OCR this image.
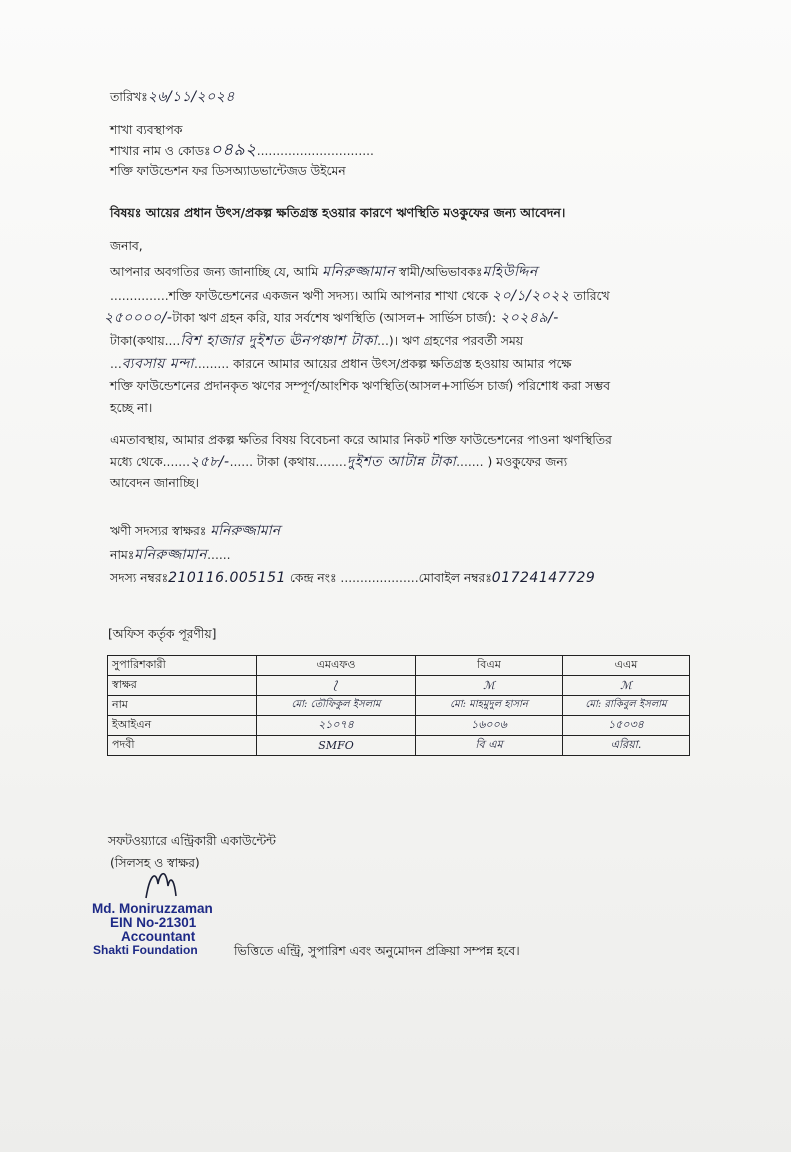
তারিখঃ২৬/১১/২০২৪
শাখা ব্যবস্থাপক
শাখার নাম ও কোডঃ০৪৯২..............................
শক্তি ফাউন্ডেশন ফর ডিসঅ্যাডভান্টেজড উইমেন
বিষয়ঃ আয়ের প্রধান উৎস/প্রকল্প ক্ষতিগ্রস্ত হওয়ার কারণে ঋণস্থিতি মওকুফের জন্য আবেদন।
জনাব,
আপনার অবগতির জন্য জানাচ্ছি যে, আমি মনিরুজ্জামান স্বামী/অভিভাবকঃমহিউদ্দিন
...............শক্তি ফাউন্ডেশনের একজন ঋণী সদস্য। আমি আপনার শাখা থেকে ২০/১/২০২২ তারিখে
২৫০০০০/-টাকা ঋণ গ্রহন করি, যার সর্বশেষ ঋণস্থিতি (আসল+ সার্ভিস চার্জ): ২০২৪৯/-
টাকা(কথায়....বিশ হাজার দুইশত ঊনপঞ্চাশ টাকা...)। ঋণ গ্রহণের পরবর্তী সময়
...ব্যবসায় মন্দা......... কারনে আমার আয়ের প্রধান উৎস/প্রকল্প ক্ষতিগ্রস্ত হওয়ায় আমার পক্ষে
শক্তি ফাউন্ডেশনের প্রদানকৃত ঋণের সম্পূর্ণ/আংশিক ঋণস্থিতি(আসল+সার্ভিস চার্জ) পরিশোধ করা সম্ভব
হচ্ছে না।
এমতাবস্থায়, আমার প্রকল্প ক্ষতির বিষয় বিবেচনা করে আমার নিকট শক্তি ফাউন্ডেশনের পাওনা ঋণস্থিতির
মধ্যে থেকে.......২৫৮/-...... টাকা (কথায়........দুইশত আটান্ন টাকা....... ) মওকুফের জন্য
আবেদন জানাচ্ছি।
ঋণী সদস্যর স্বাক্ষরঃ মনিরুজ্জামান
নামঃমনিরুজ্জামান......
সদস্য নম্বরঃ210116.005151 কেন্দ্র নংঃ ....................মোবাইল নম্বরঃ01724147729
[অফিস কর্তৃক পূরণীয়]
সুপারিশকারী	এমএফও	বিএম	এএম
স্বাক্ষর	⟅	ℳ	ℳ
নাম	মো: তৌফিকুল ইসলাম	মো: মাহমুদুল হাসান	মো: রাকিবুল ইসলাম
ইআইএন	২১০৭৪	১৬০০৬	১৫০৩৪
পদবী	SMFO	বি এম	এরিয়া.
সফটওয়্যারে এন্ট্রিকারী একাউন্টেন্ট
(সিলসহ ও স্বাক্ষর)
Md. Moniruzzaman
EIN No-21301
Accountant
Shakti Foundation	ভিত্তিতে এন্ট্রি, সুপারিশ এবং অনুমোদন প্রক্রিয়া সম্পন্ন হবে।
